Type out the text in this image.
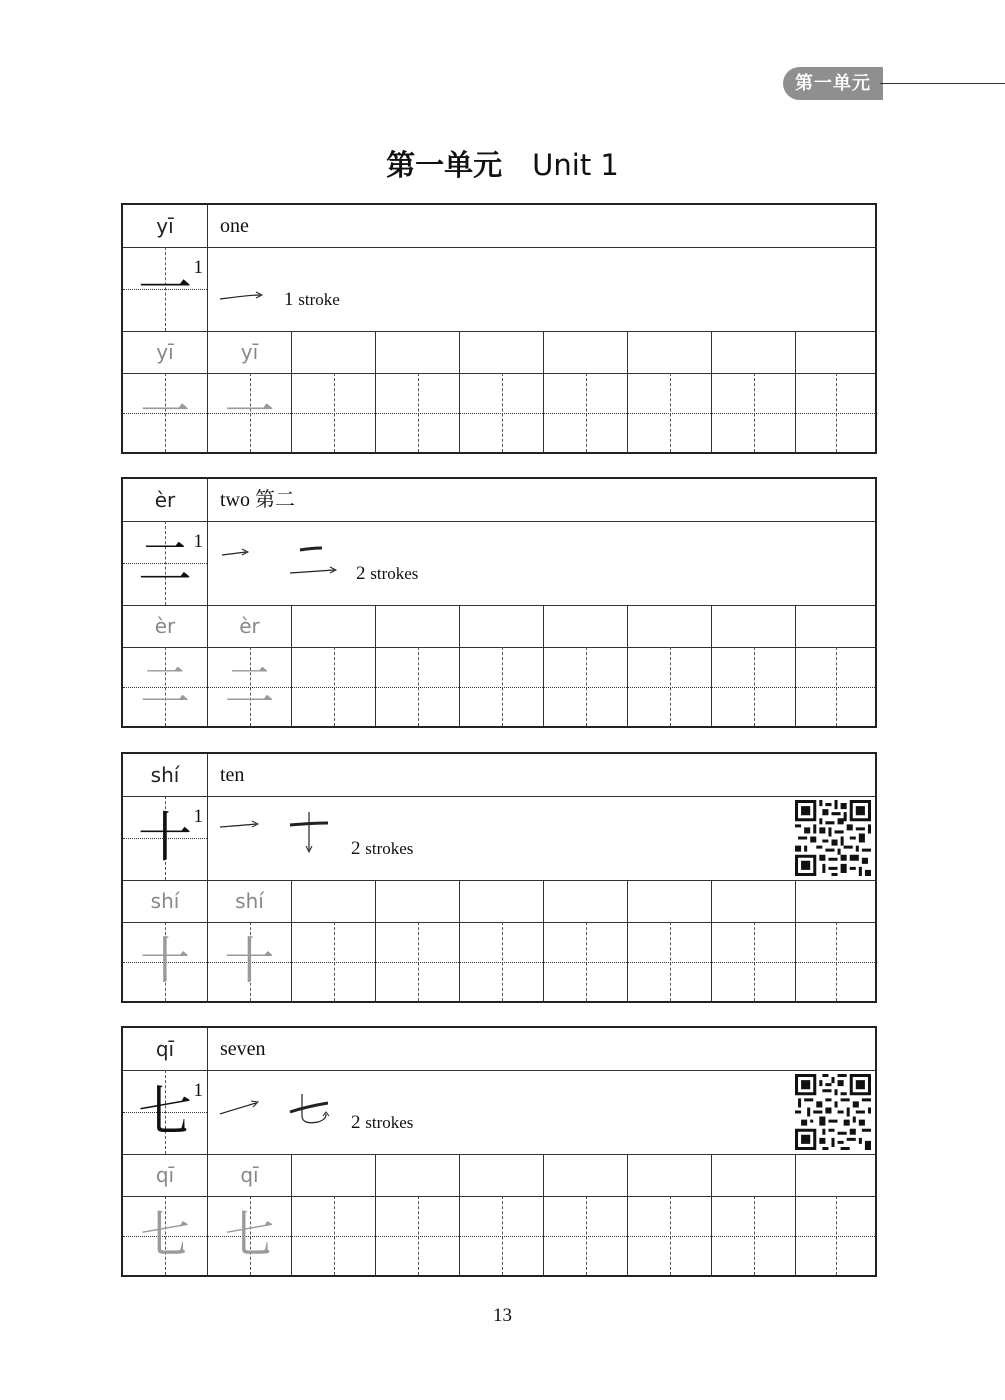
第一单元
第一单元 Unit 1
yī	one
一 1
1 stroke
yī	yī
一 一
èr	two 第二
二 1
2 strokes
èr	èr
二 二
shí	ten
十 1
2 strokes
shí	shí
十 十
qī	seven
七 1
2 strokes
qī	qī
七 七
13
